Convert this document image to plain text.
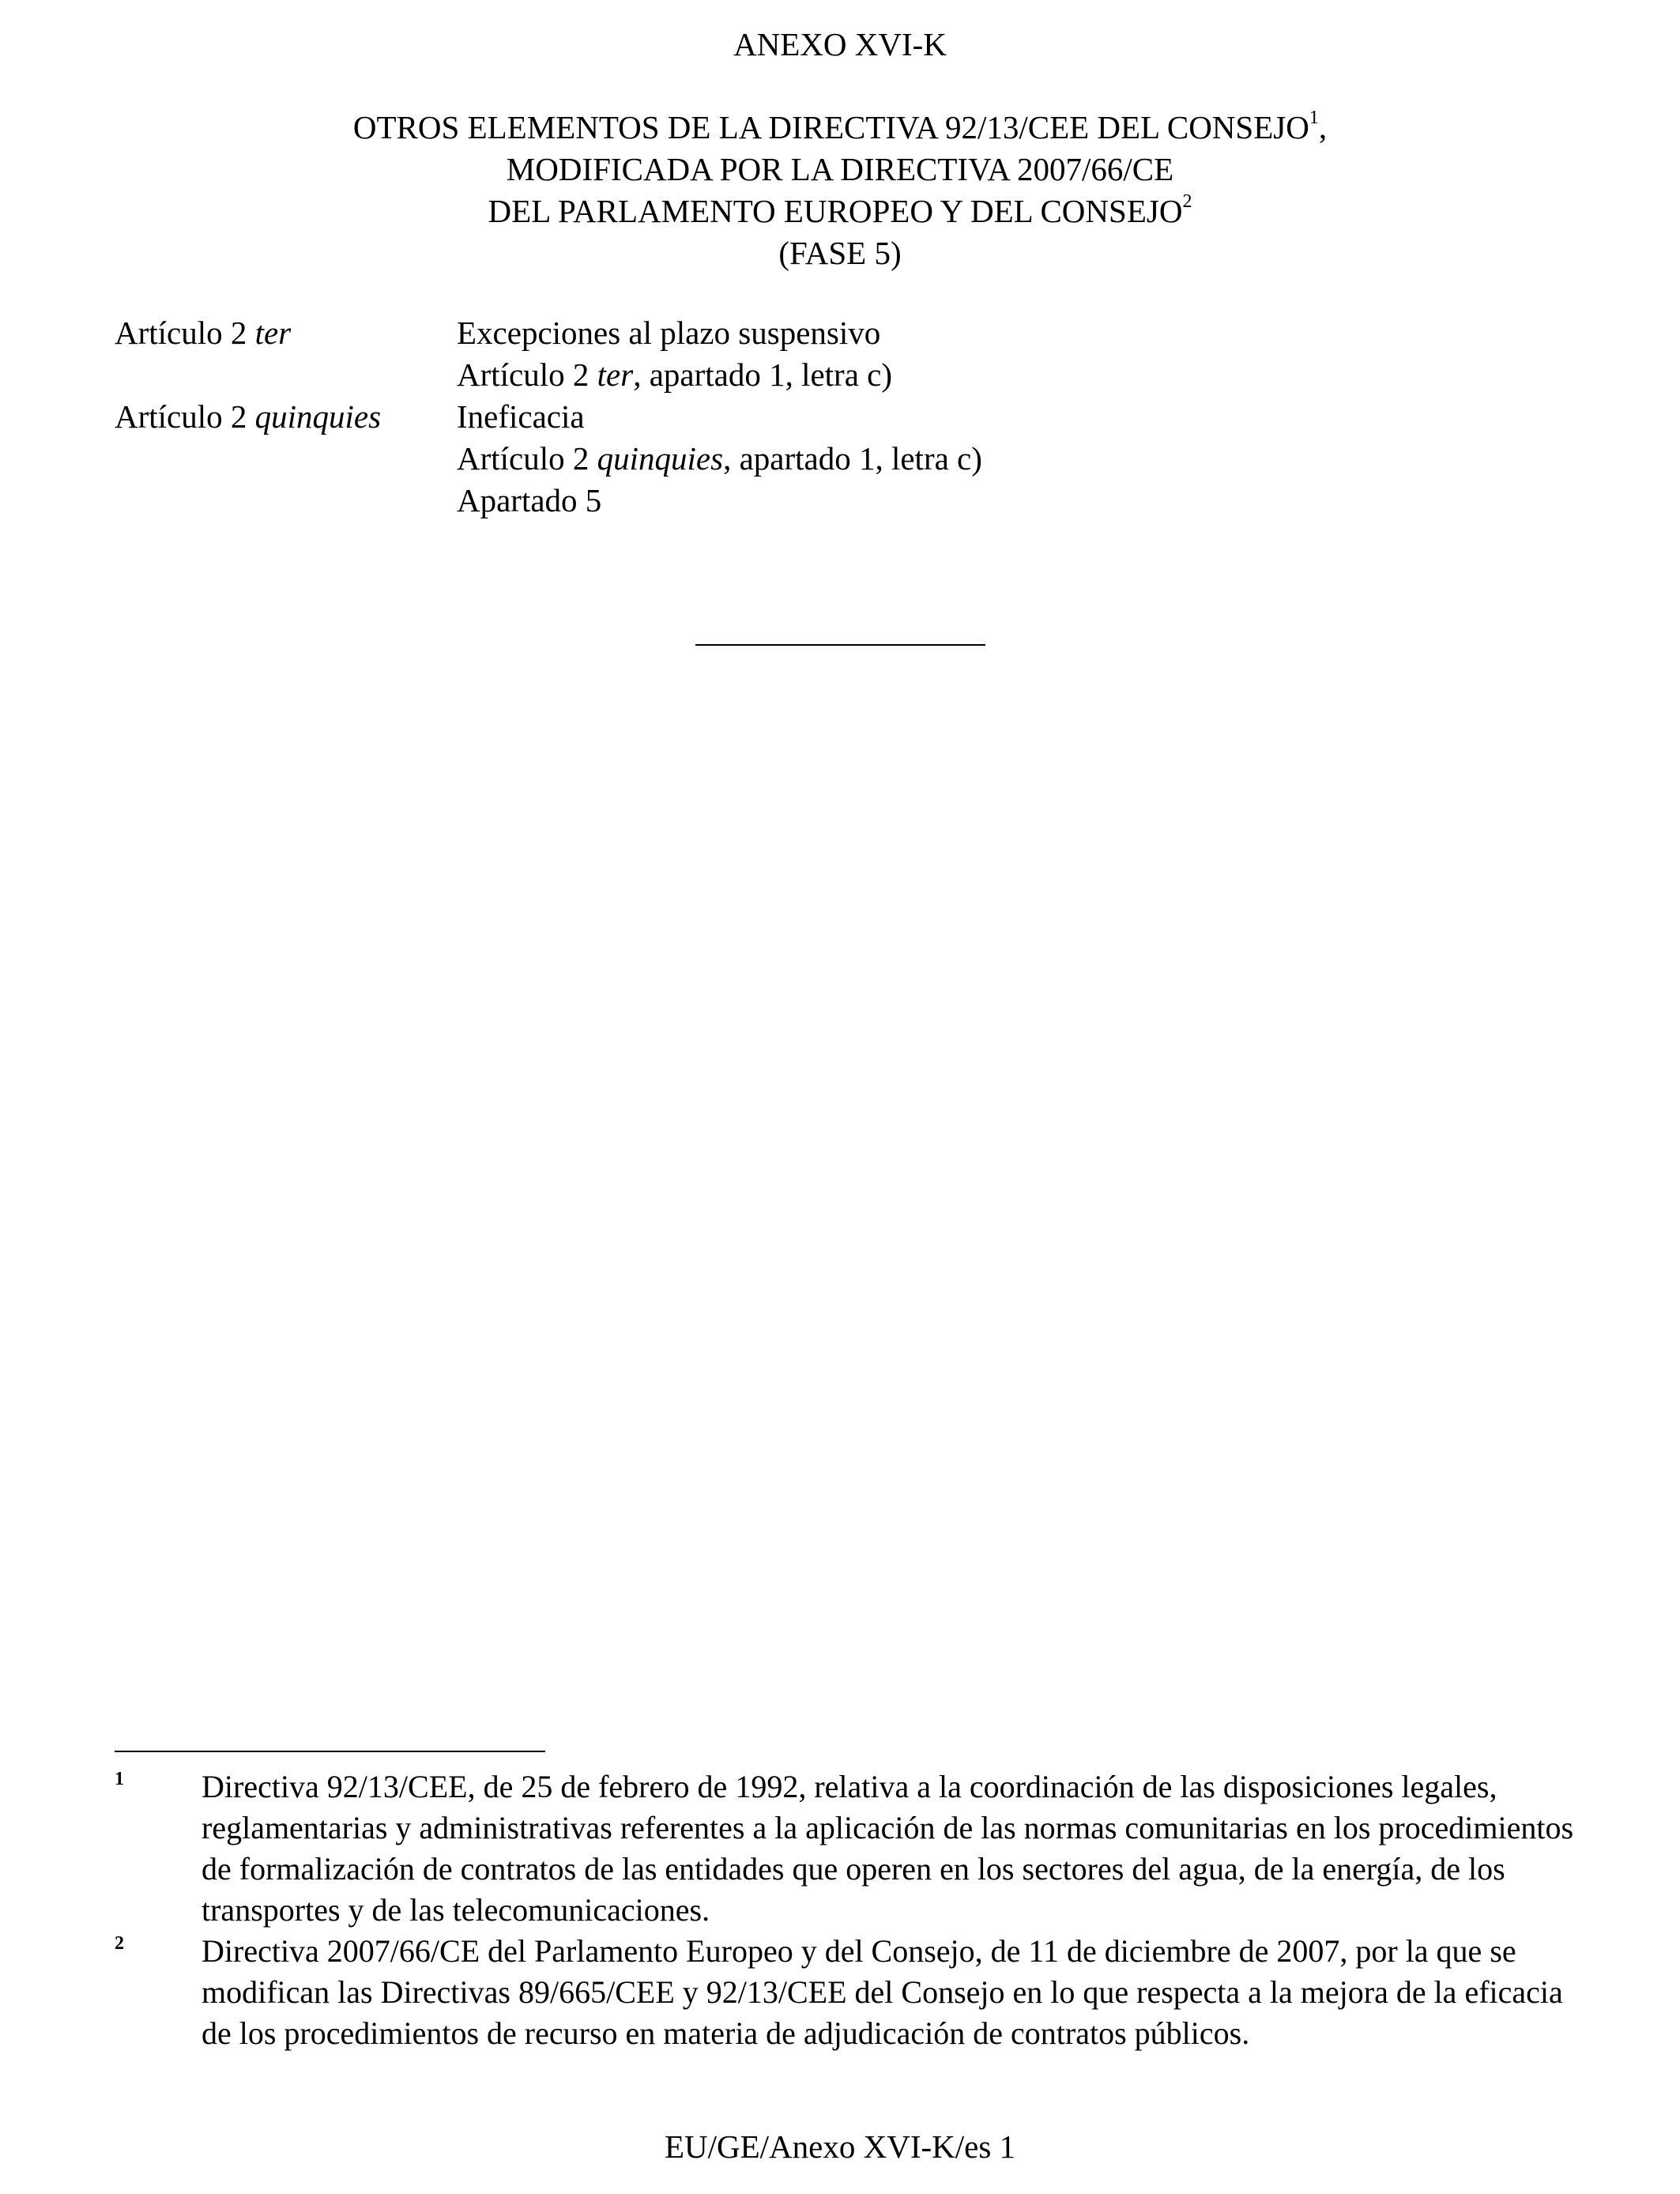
ANEXO XVI-K
OTROS ELEMENTOS DE LA DIRECTIVA 92/13/CEE DEL CONSEJO$^1$,
MODIFICADA POR LA DIRECTIVA 2007/66/CE
DEL PARLAMENTO EUROPEO Y DEL CONSEJO$^2$
(FASE 5)
Artículo 2 ter	Excepciones al plazo suspensivo
Artículo 2 ter, apartado 1, letra c)
Artículo 2 quinquies	Ineficacia
Artículo 2 quinquies, apartado 1, letra c)
Apartado 5
1	Directiva 92/13/CEE, de 25 de febrero de 1992, relativa a la coordinación de las disposiciones legales, reglamentarias y administrativas referentes a la aplicación de las normas comunitarias en los procedimientos de formalización de contratos de las entidades que operen en los sectores del agua, de la energía, de los transportes y de las telecomunicaciones.
2	Directiva 2007/66/CE del Parlamento Europeo y del Consejo, de 11 de diciembre de 2007, por la que se modifican las Directivas 89/665/CEE y 92/13/CEE del Consejo en lo que respecta a la mejora de la eficacia de los procedimientos de recurso en materia de adjudicación de contratos públicos.
EU/GE/Anexo XVI-K/es 1
